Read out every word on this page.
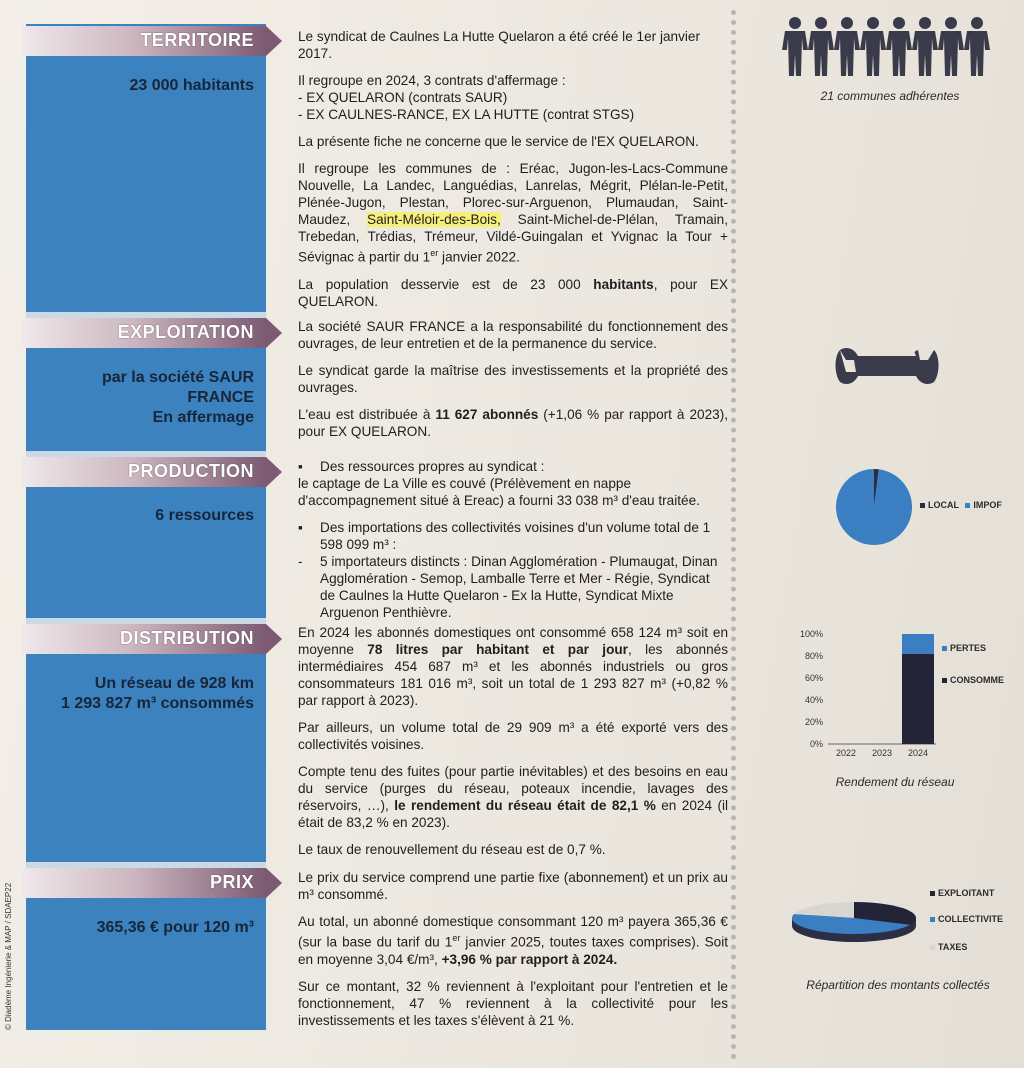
TERRITOIRE
23 000 habitants

Le syndicat de Caulnes La Hutte Quelaron a été créé le 1er janvier 2017.

Il regroupe en 2024, 3 contrats d'affermage :
- EX QUELARON (contrats SAUR)
- EX CAULNES-RANCE, EX LA HUTTE (contrat STGS)

La présente fiche ne concerne que le service de l'EX QUELARON.

Il regroupe les communes de : Eréac, Jugon-les-Lacs-Commune Nouvelle, La Landec, Languédias, Lanrelas, Mégrit, Plélan-le-Petit, Plénée-Jugon, Plestan, Plorec-sur-Arguenon, Plumaudan, Saint-Maudez, Saint-Méloir-des-Bois, Saint-Michel-de-Plélan, Tramain, Trebedan, Trédias, Trémeur, Vildé-Guingalan et Yvignac la Tour + Sévignac à partir du 1er janvier 2022.

La population desservie est de 23 000 habitants, pour EX QUELARON.

EXPLOITATION
par la société SAUR
FRANCE
En affermage

La société SAUR FRANCE a la responsabilité du fonctionnement des ouvrages, de leur entretien et de la permanence du service.

Le syndicat garde la maîtrise des investissements et la propriété des ouvrages.

L'eau est distribuée à 11 627 abonnés (+1,06 % par rapport à 2023), pour EX QUELARON.

PRODUCTION
6 ressources

▪	Des ressources propres au syndicat :
le captage de La Ville es couvé (Prélèvement en nappe d'accompagnement situé à Ereac) a fourni 33 038 m³ d'eau traitée.

▪	Des importations des collectivités voisines d'un volume total de 1 598 099 m³ :
-	5 importateurs distincts : Dinan Agglomération - Plumaugat, Dinan Agglomération - Semop, Lamballe Terre et Mer - Régie, Syndicat de Caulnes la Hutte Quelaron - Ex la Hutte, Syndicat Mixte Arguenon Penthièvre.

DISTRIBUTION
Un réseau de 928 km
1 293 827 m³ consommés

En 2024 les abonnés domestiques ont consommé 658 124 m³ soit en moyenne 78 litres par habitant et par jour, les abonnés intermédiaires 454 687 m³ et les abonnés industriels ou gros consommateurs 181 016 m³, soit un total de 1 293 827 m³ (+0,82 % par rapport à 2023).

Par ailleurs, un volume total de 29 909 m³ a été exporté vers des collectivités voisines.

Compte tenu des fuites (pour partie inévitables) et des besoins en eau du service (purges du réseau, poteaux incendie, lavages des réservoirs, …), le rendement du réseau était de 82,1 % en 2024 (il était de 83,2 % en 2023).

Le taux de renouvellement du réseau est de 0,7 %.

PRIX
365,36 € pour 120 m³

Le prix du service comprend une partie fixe (abonnement) et un prix au m³ consommé.

Au total, un abonné domestique consommant 120 m³ payera 365,36 € (sur la base du tarif du 1er janvier 2025, toutes taxes comprises). Soit en moyenne 3,04 €/m³, +3,96 % par rapport à 2024.

Sur ce montant, 32 % reviennent à l'exploitant pour l'entretien et le fonctionnement, 47 % reviennent à la collectivité pour les investissements et les taxes s'élèvent à 21 %.

21 communes adhérentes
LOCAL IMPOF
0%
20%
40%
60%
80%
100%
2022 2023 2024
PERTES
CONSOMME
Rendement du réseau
EXPLOITANT
COLLECTIVITE
TAXES
Répartition des montants collectés
© Diadème Ingénierie & MAP / SDAEP22
